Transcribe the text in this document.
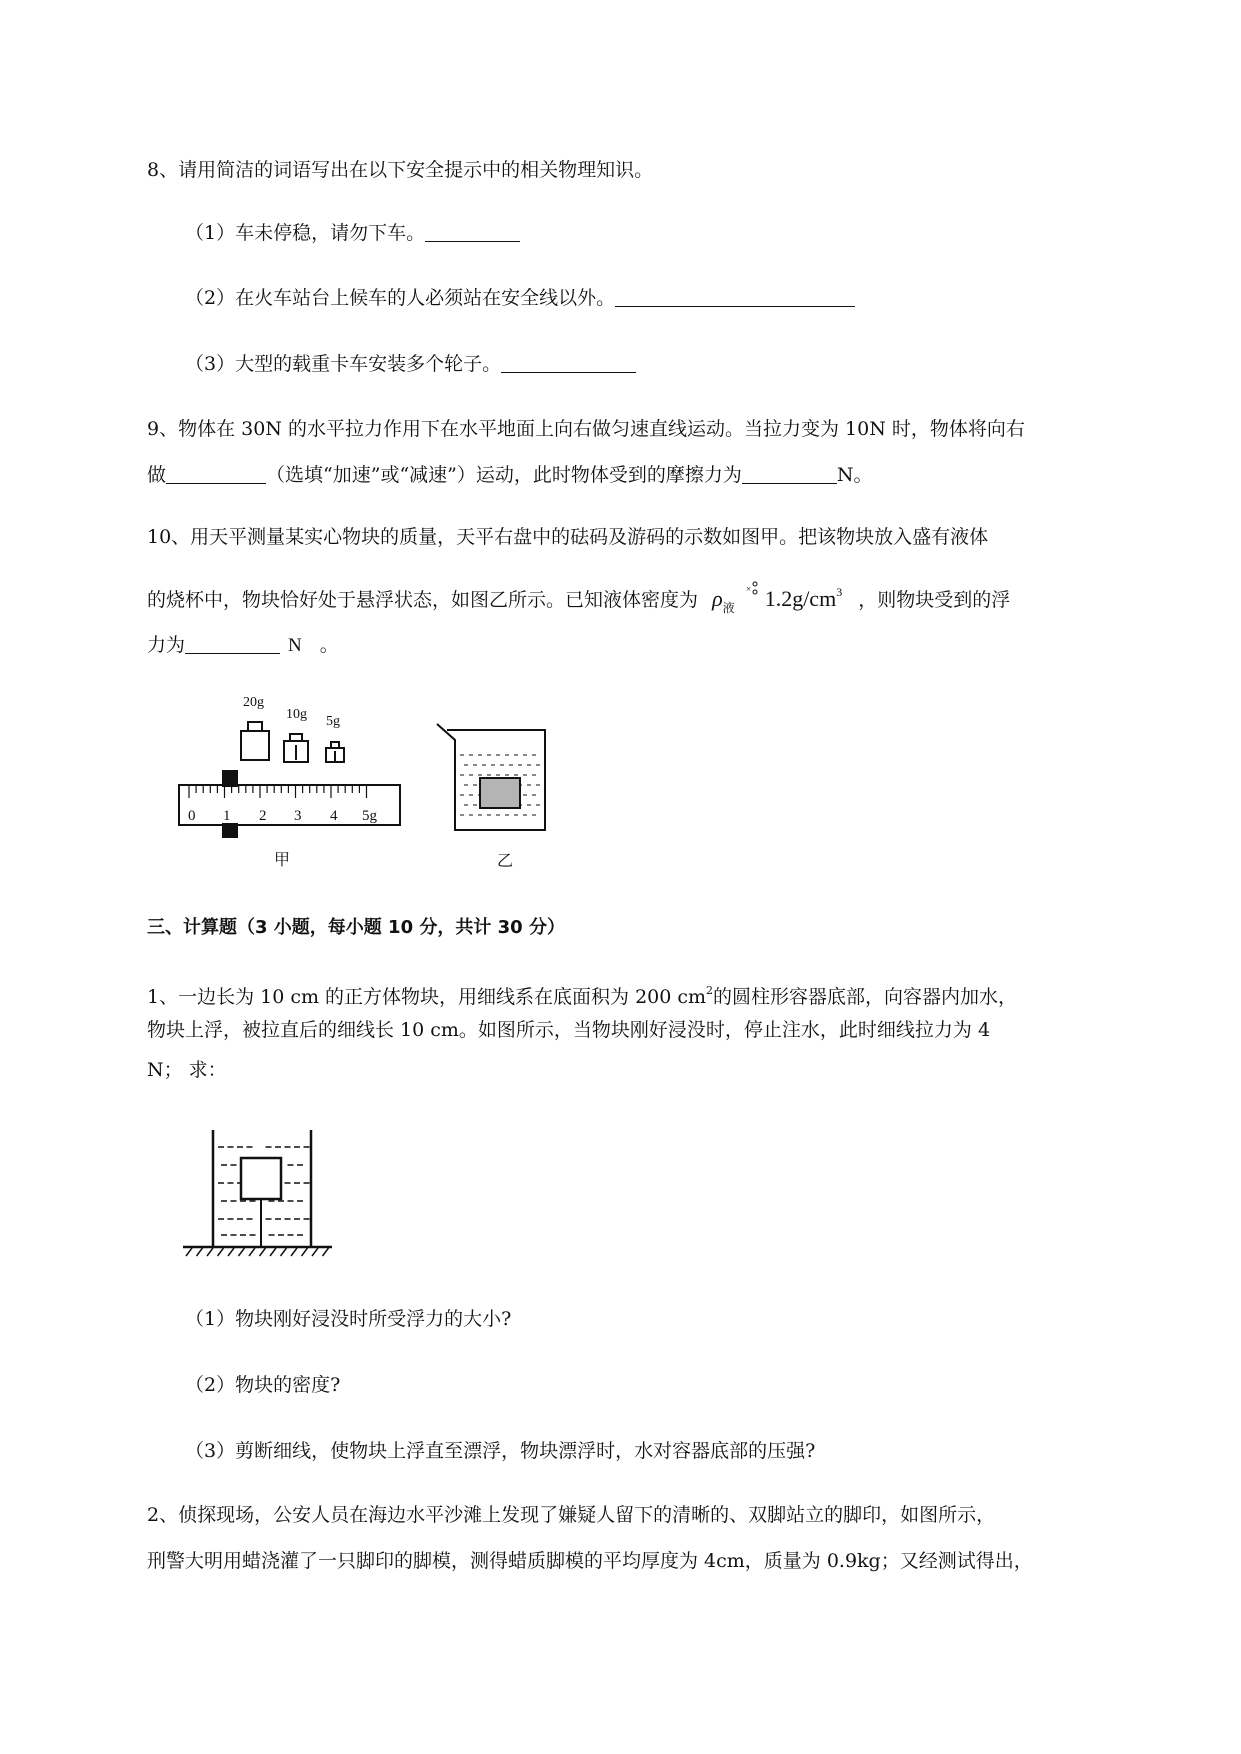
8、请用简洁的词语写出在以下安全提示中的相关物理知识。
（1）车未停稳，请勿下车。
（2）在火车站台上候车的人必须站在安全线以外。
（3）大型的载重卡车安装多个轮子。
9、物体在 30N 的水平拉力作用下在水平地面上向右做匀速直线运动。当拉力变为 10N 时，物体将向右
做	（选填“加速”或“减速”）运动，此时物体受到的摩擦力为	N。
10、用天平测量某实心物块的质量，天平右盘中的砝码及游码的示数如图甲。把该物块放入盛有液体
的烧杯中，物块恰好处于悬浮状态，如图乙所示。已知液体密度为 $\rho_液$
× $1.2g/cm^3$ ，则物块受到的浮
力为	N 。
20g
10g 5g
0 1 2 3 4 5g
甲	乙
三、计算题（3 小题，每小题 10 分，共计 30 分）
1、一边长为 10 cm 的正方体物块，用细线系在底面积为 200 $cm^2$的圆柱形容器底部，向容器内加水，
物块上浮，被拉直后的细线长 10 cm。如图所示，当物块刚好浸没时，停止注水，此时细线拉力为 4
N； 求：
（1）物块刚好浸没时所受浮力的大小?
（2）物块的密度?
（3）剪断细线，使物块上浮直至漂浮，物块漂浮时，水对容器底部的压强?
2、侦探现场，公安人员在海边水平沙滩上发现了嫌疑人留下的清晰的、双脚站立的脚印，如图所示，
刑警大明用蜡浇灌了一只脚印的脚模，测得蜡质脚模的平均厚度为 4cm，质量为 0.9kg；又经测试得出，
